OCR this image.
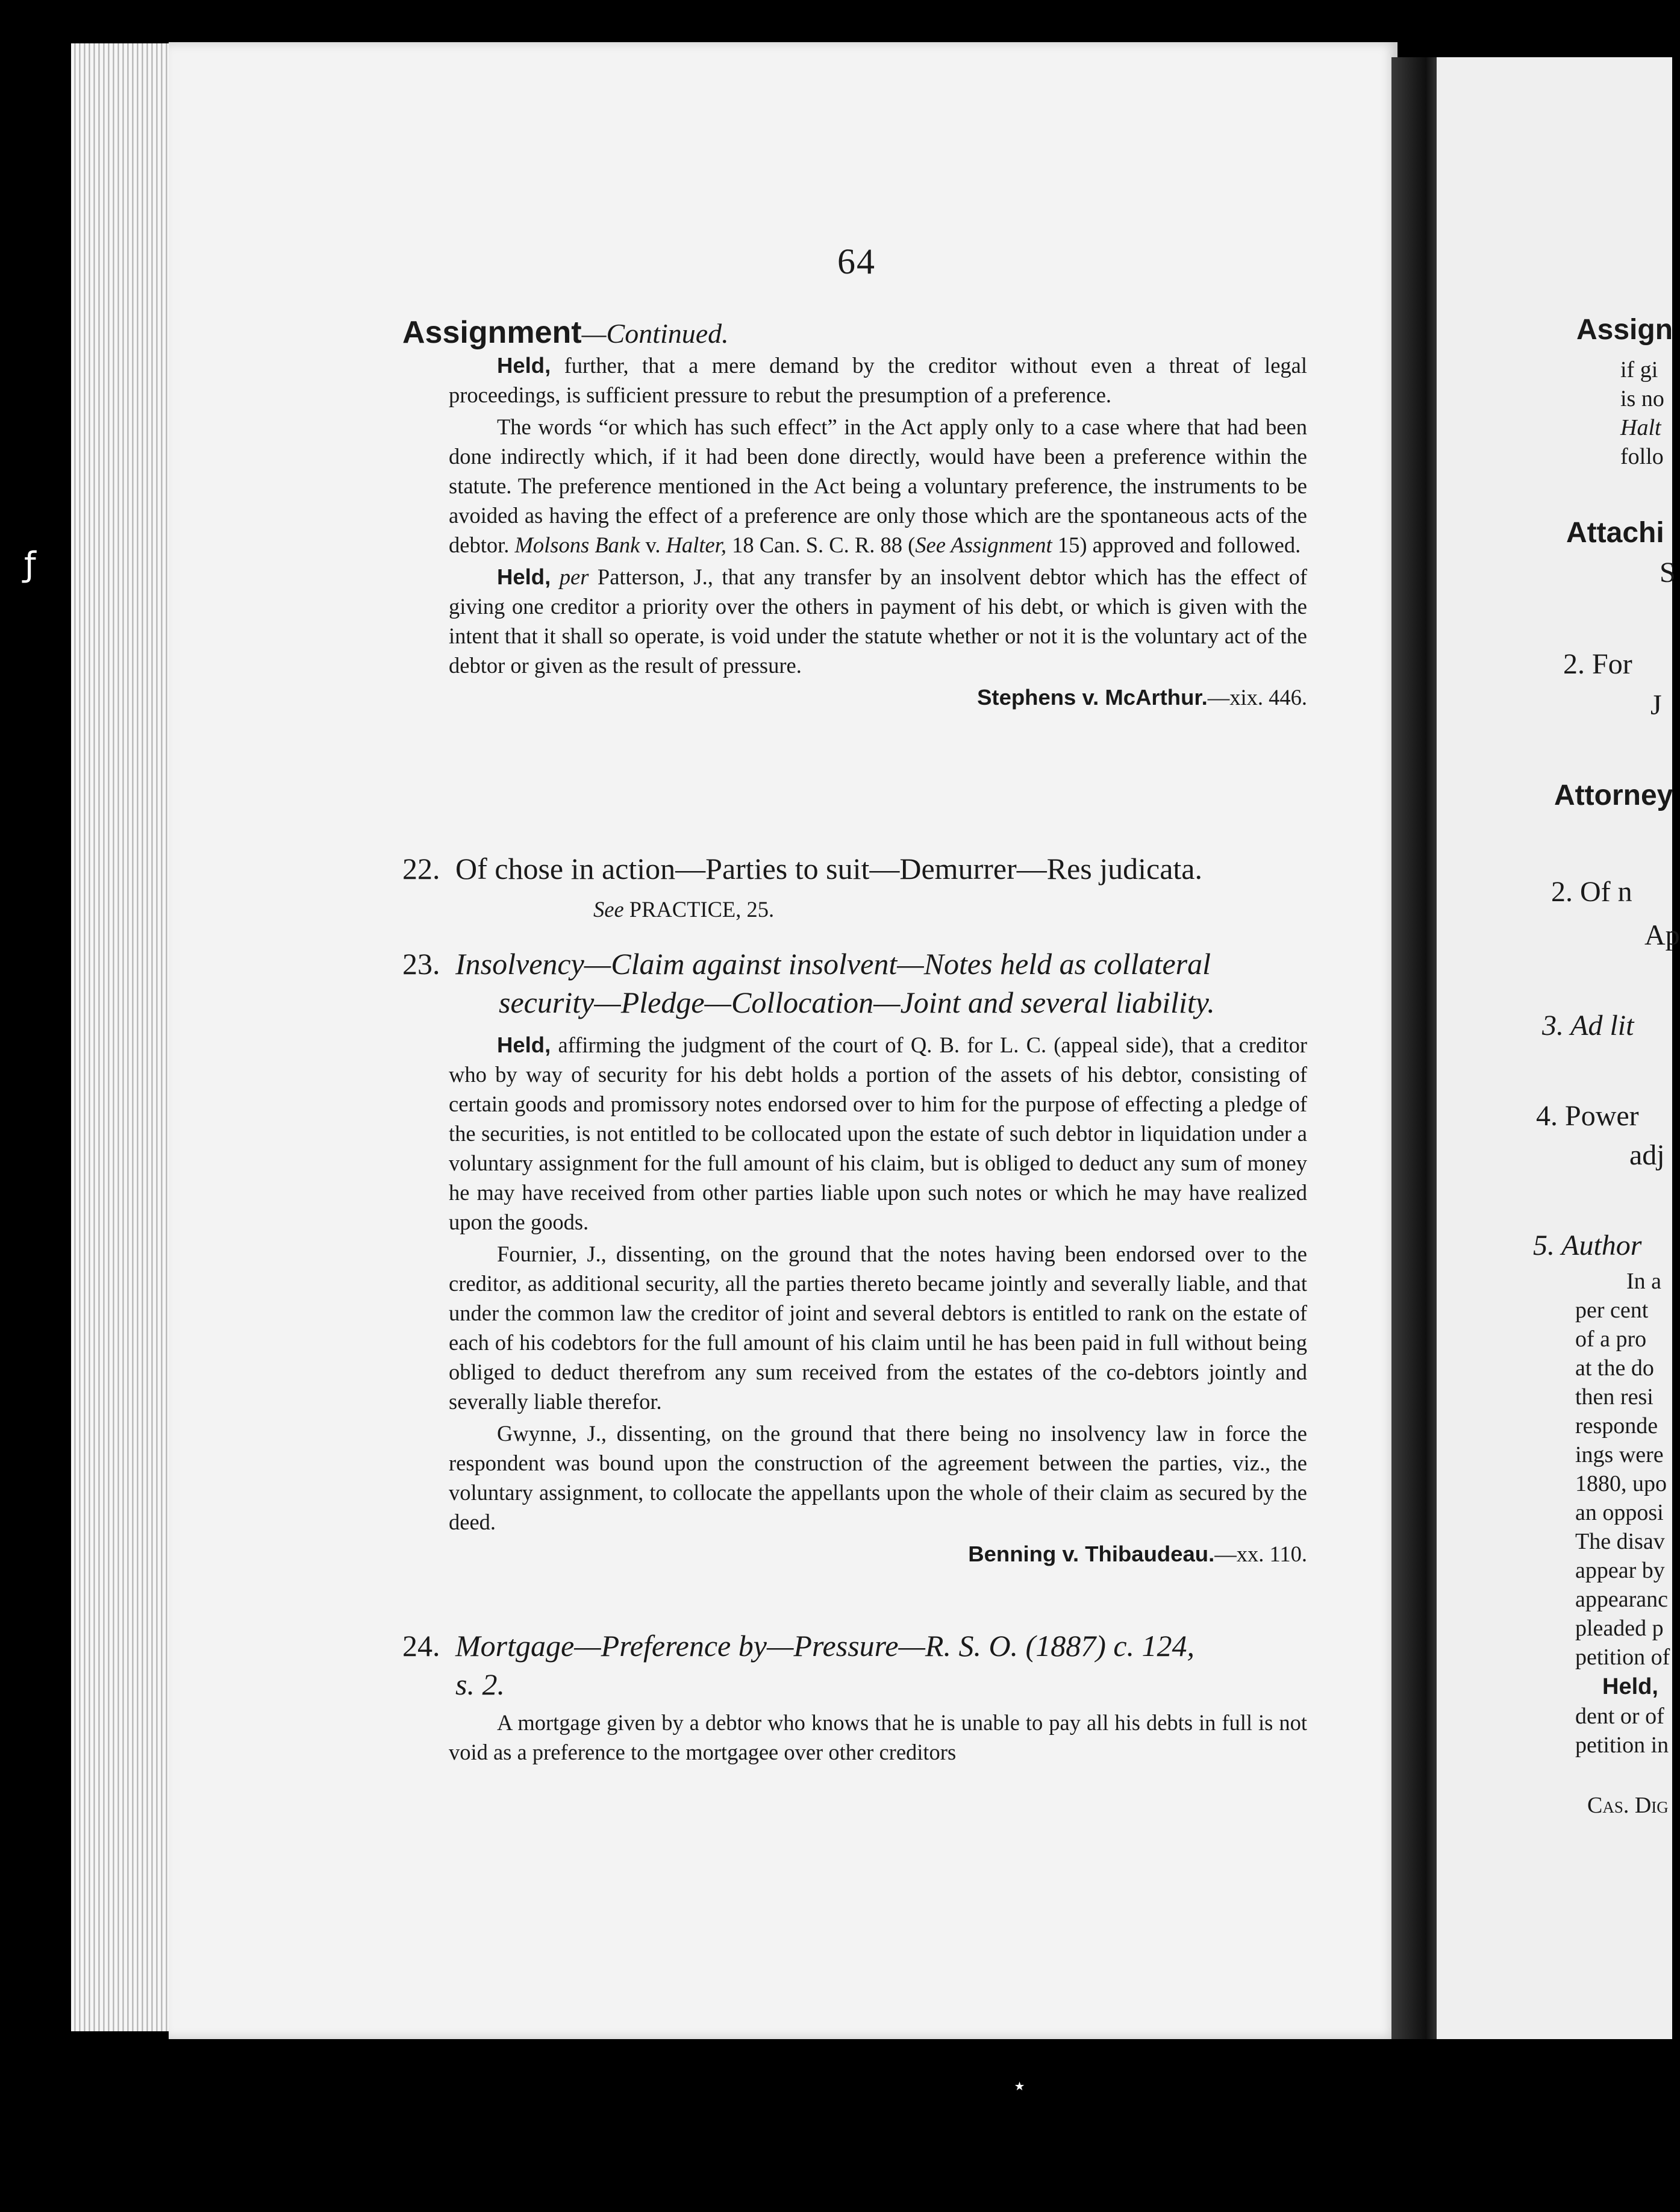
64
Assignment—Continued.

Held, further, that a mere demand by the creditor without even a threat of legal proceedings, is sufficient pressure to rebut the presumption of a preference.

The words “or which has such effect” in the Act apply only to a case where that had been done indirectly which, if it had been done directly, would have been a preference within the statute. The preference mentioned in the Act being a voluntary preference, the instruments to be avoided as having the effect of a preference are only those which are the spontaneous acts of the debtor. Molsons Bank v. Halter, 18 Can. S. C. R. 88 (See Assignment 15) approved and followed.

Held, per Patterson, J., that any transfer by an insolvent debtor which has the effect of giving one creditor a priority over the others in payment of his debt, or which is given with the intent that it shall so operate, is void under the statute whether or not it is the voluntary act of the debtor or given as the result of pressure.

Stephens v. McArthur.—xix. 446.

22. Of chose in action—Parties to suit—Demurrer—Res judicata.
See PRACTICE, 25.
23. Insolvency—Claim against insolvent—Notes held as collateral
security—Pledge—Collocation—Joint and several liability.

Held, affirming the judgment of the court of Q. B. for L. C. (appeal side), that a creditor who by way of security for his debt holds a portion of the assets of his debtor, consisting of certain goods and promissory notes endorsed over to him for the purpose of effecting a pledge of the securities, is not entitled to be collocated upon the estate of such debtor in liquidation under a voluntary assignment for the full amount of his claim, but is obliged to deduct any sum of money he may have received from other parties liable upon such notes or which he may have realized upon the goods.

Fournier, J., dissenting, on the ground that the notes having been endorsed over to the creditor, as additional security, all the parties thereto became jointly and severally liable, and that under the common law the creditor of joint and several debtors is entitled to rank on the estate of each of his codebtors for the full amount of his claim until he has been paid in full without being obliged to deduct therefrom any sum received from the estates of the co-debtors jointly and severally liable therefor.

Gwynne, J., dissenting, on the ground that there being no insolvency law in force the respondent was bound upon the construction of the agreement between the parties, viz., the voluntary assignment, to collocate the appellants upon the whole of their claim as secured by the deed.

Benning v. Thibaudeau.—xx. 110.

24. Mortgage—Preference by—Pressure—R. S. O. (1887) c. 124,
s. 2.

A mortgage given by a debtor who knows that he is unable to pay all his debts in full is not void as a preference to the mortgagee over other creditors

Assign
if gi
is no
Halt
follo
Attachi
S
2. For
J
Attorney
2. Of n
Ap
3. Ad lit
4. Power
adj
5. Author
In a
per cent
of a pro
at the do
then resi
responde
ings were
1880, upo
an opposi
The disav
appear by
appearanc
pleaded p
petition of
Held,
dent or of
petition in
Cas. Dig
ƒ
⋆
